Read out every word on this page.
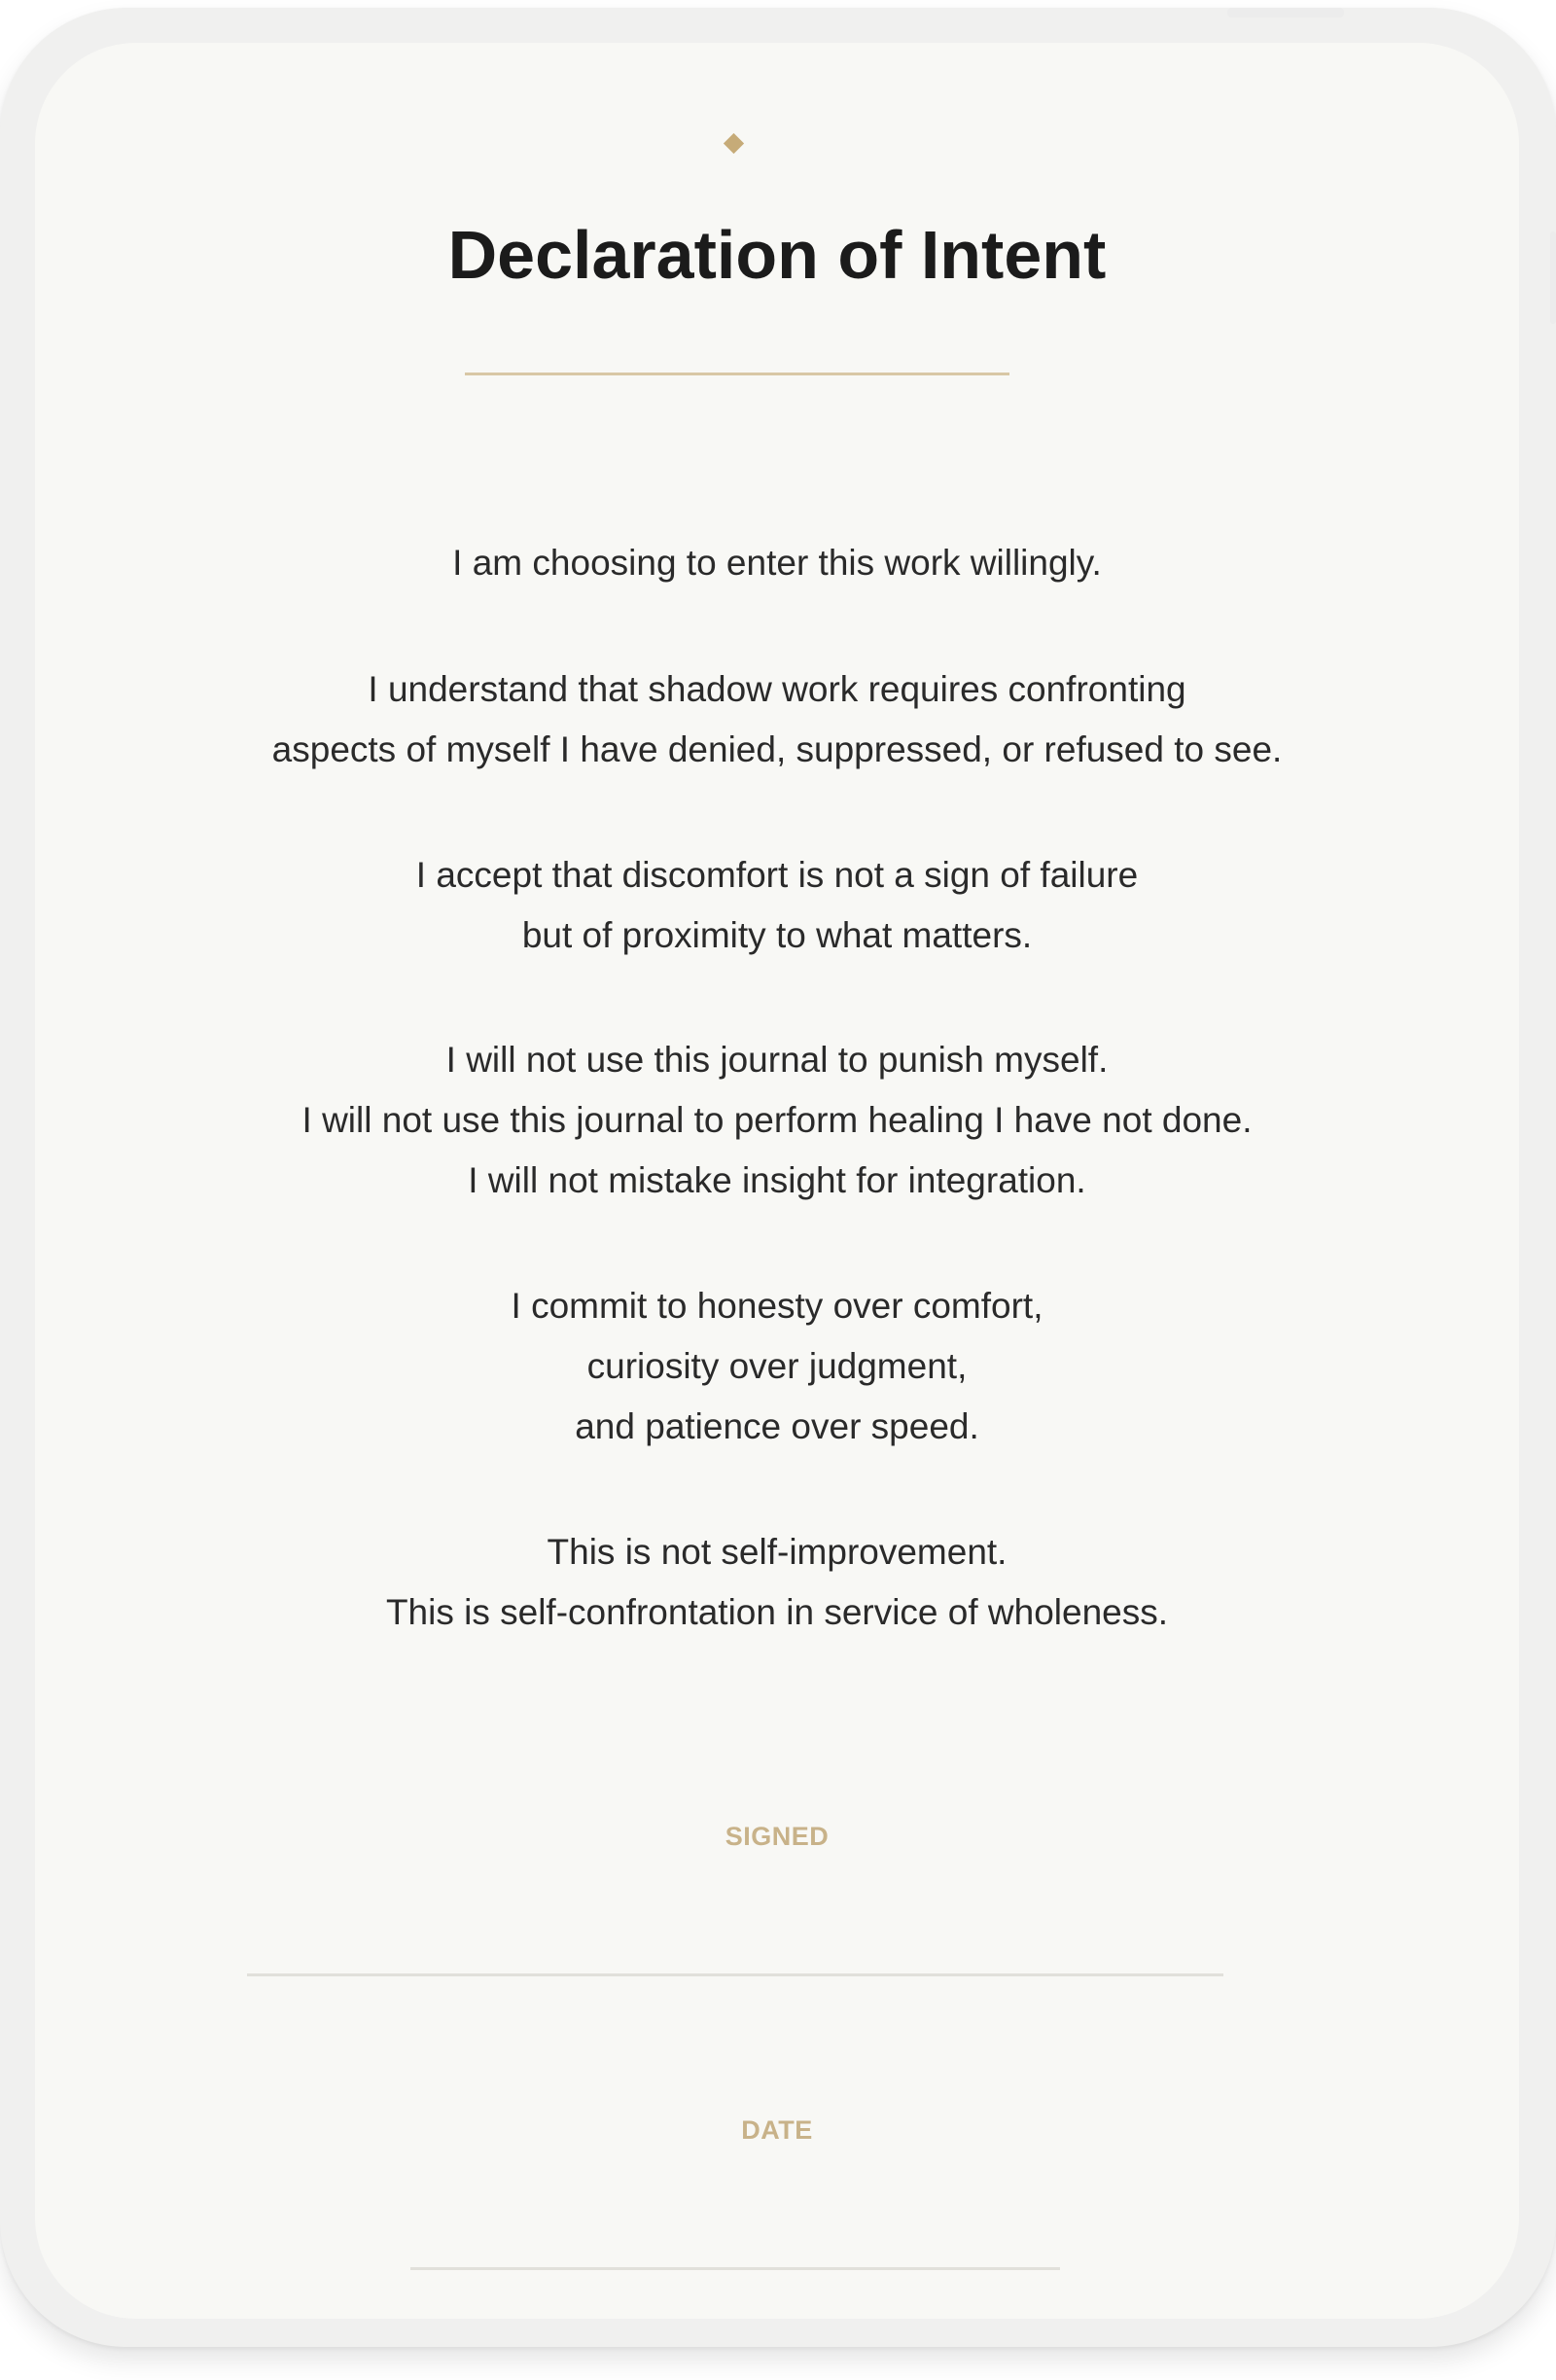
Declaration of Intent
I am choosing to enter this work willingly.
I understand that shadow work requires confronting
aspects of myself I have denied, suppressed, or refused to see.
I accept that discomfort is not a sign of failure
but of proximity to what matters.
I will not use this journal to punish myself.
I will not use this journal to perform healing I have not done.
I will not mistake insight for integration.
I commit to honesty over comfort,
curiosity over judgment,
and patience over speed.
This is not self-improvement.
This is self-confrontation in service of wholeness.
SIGNED
DATE
